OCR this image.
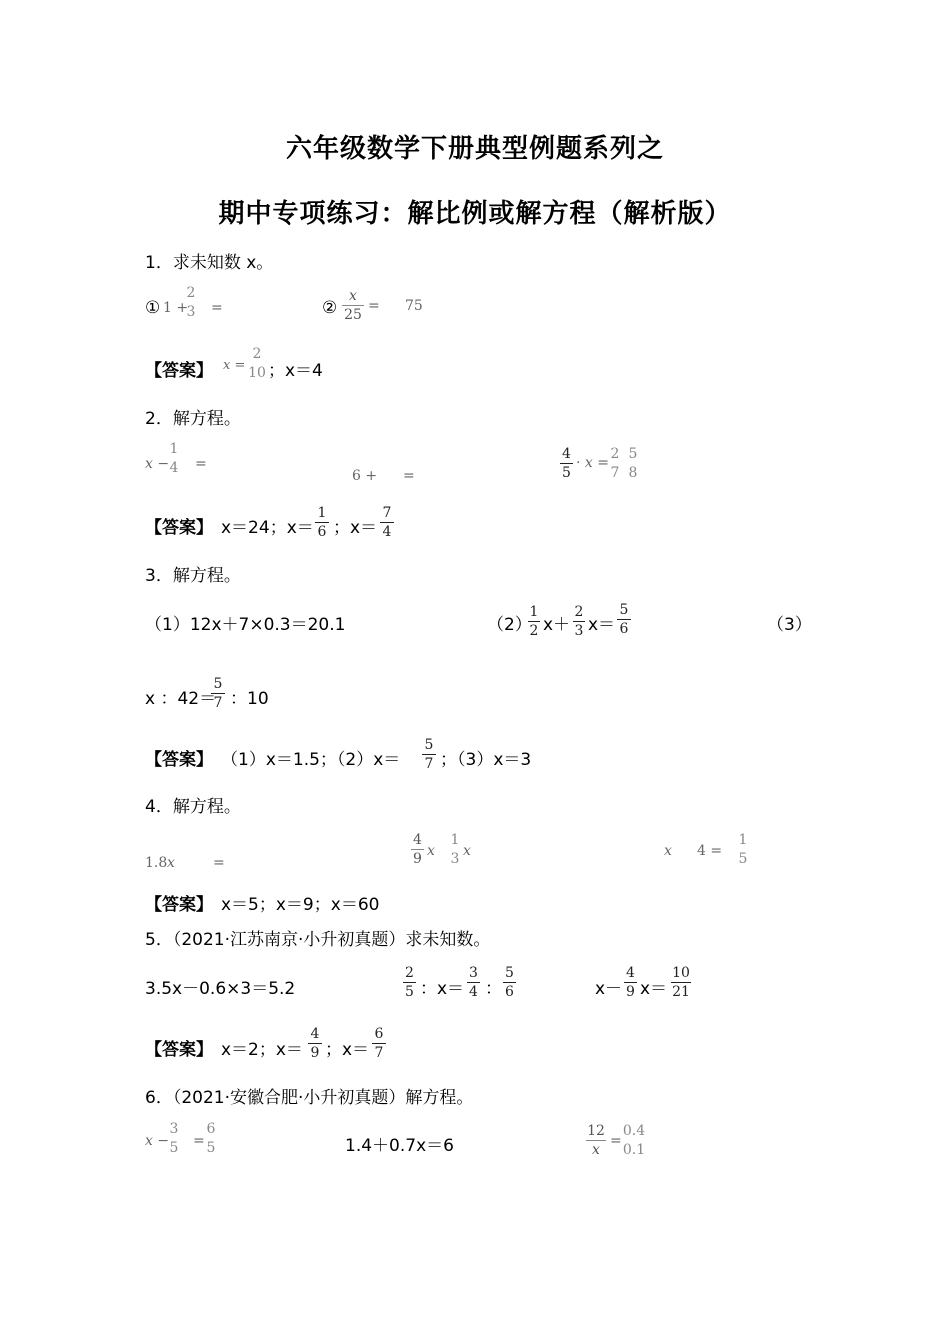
六年级数学下册典型例题系列之
期中专项练习：解比例或解方程（解析版）
1．求未知数 x。
① 1 +
2
3 =	②
x
25
= 75
【答案】 x =
2
10 ；x＝4
2．解方程。
x −
1
4 =
6 + =
4
5
· x =
2
7
5
8
【答案】 x＝24；x＝
1
6 ；x＝
7
4
3．解方程。
（1）12x＋7×0.3＝20.1	（2）
1
2 x＋
2
3 x＝
5
6	（3）
x ：42＝
5
7 ：10
【答案】 （1）x＝1.5；（2）x＝
5
7 ；（3）x＝3
4．解方程。
1.8 x	=
4
9 x
1
3 x	x 4 =
1
5
【答案】 x＝5；x＝9；x＝60
5．（2021·江苏南京·小升初真题）求未知数。
3.5x－0.6×3＝5.2
2
5 ：x＝
3
4 ：
5
6	x－
4
9 x＝
10
21
【答案】 x＝2；x＝
4
9 ；x＝
6
7
6．（2021·安徽合肥·小升初真题）解方程。
x −
3
5 =
6
5	1.4＋0.7x＝6
12
x
=
0.4
0.1
